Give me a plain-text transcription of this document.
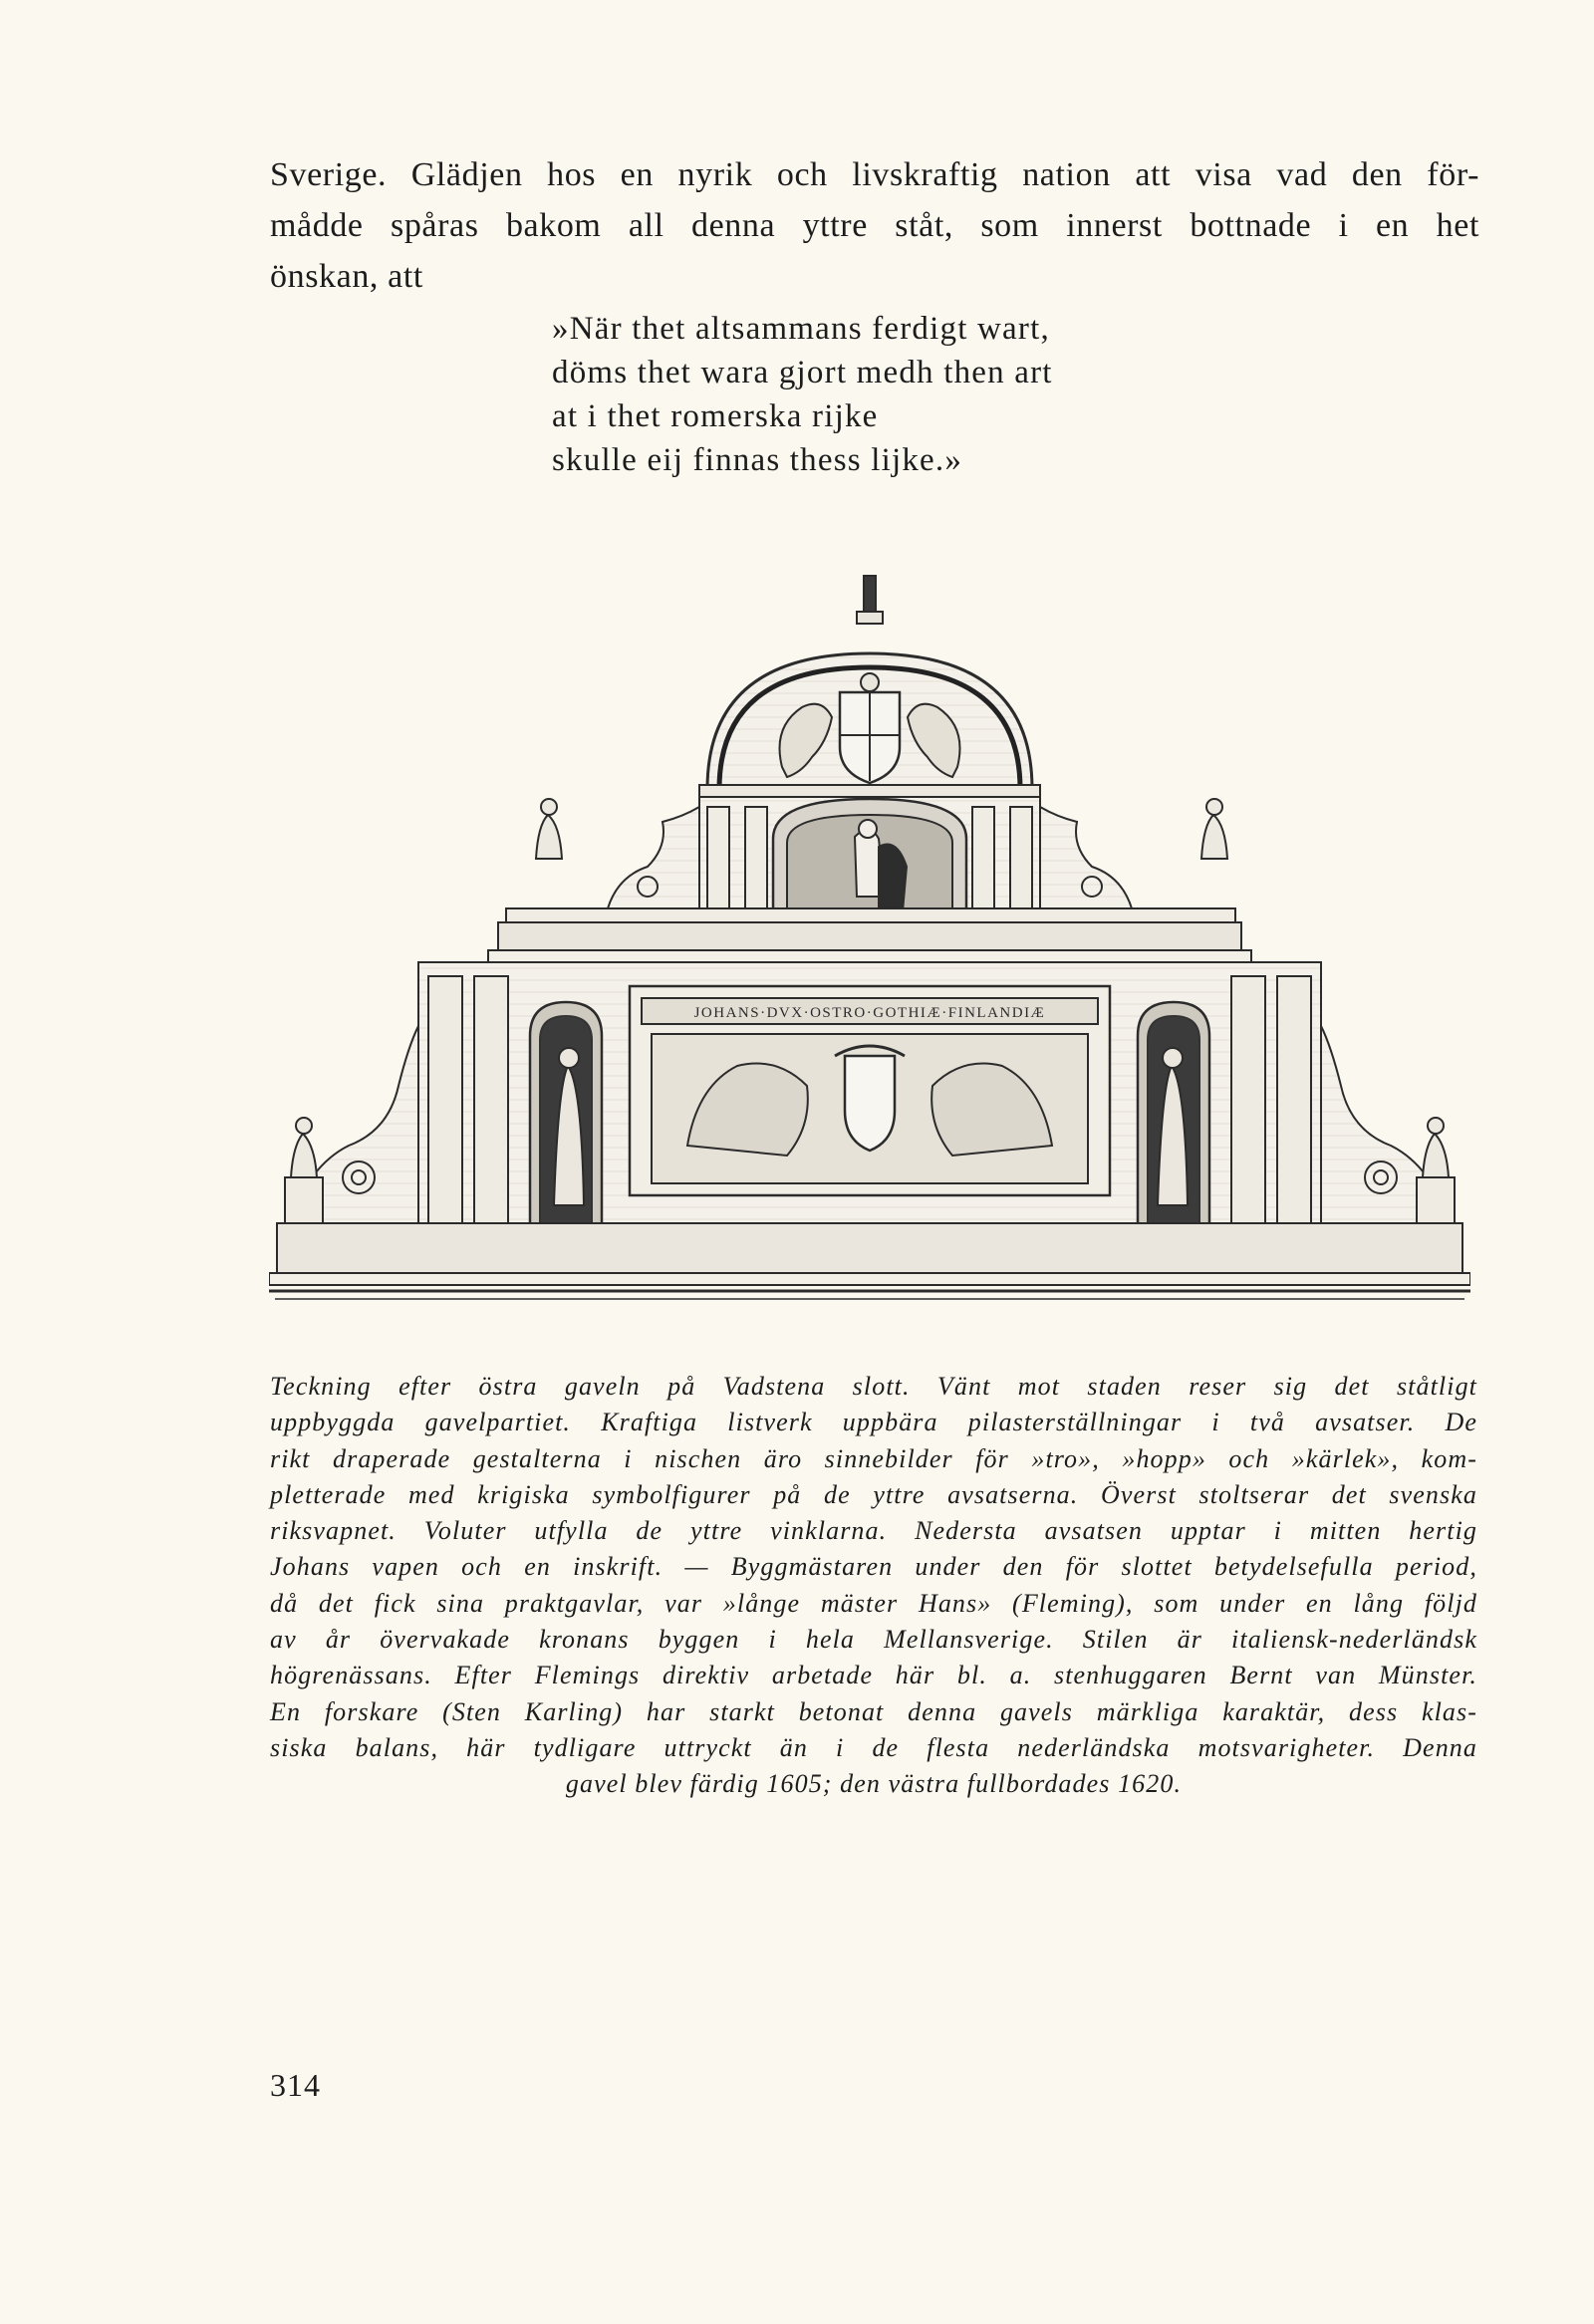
Sverige. Glädjen hos en nyrik och livskraftig nation att visa vad den för-
mådde spåras bakom all denna yttre ståt, som innerst bottnade i en het
önskan, att
»När thet altsammans ferdigt wart,
döms thet wara gjort medh then art
at i thet romerska rijke
skulle eij finnas thess lijke.»
JOHANS·DVX·OSTRO·GOTHIÆ·FINLANDIÆ
Teckning efter östra gaveln på Vadstena slott. Vänt mot staden reser sig det ståtligt
uppbyggda gavelpartiet. Kraftiga listverk uppbära pilasterställningar i två avsatser. De
rikt draperade gestalterna i nischen äro sinnebilder för »tro», »hopp» och »kärlek», kom-
pletterade med krigiska symbolfigurer på de yttre avsatserna. Överst stoltserar det svenska
riksvapnet. Voluter utfylla de yttre vinklarna. Nedersta avsatsen upptar i mitten hertig
Johans vapen och en inskrift. — Byggmästaren under den för slottet betydelsefulla period,
då det fick sina praktgavlar, var »långe mäster Hans» (Fleming), som under en lång följd
av år övervakade kronans byggen i hela Mellansverige. Stilen är italiensk-nederländsk
högrenässans. Efter Flemings direktiv arbetade här bl. a. stenhuggaren Bernt van Münster.
En forskare (Sten Karling) har starkt betonat denna gavels märkliga karaktär, dess klas-
siska balans, här tydligare uttryckt än i de flesta nederländska motsvarigheter. Denna
gavel blev färdig 1605; den västra fullbordades 1620.
314
